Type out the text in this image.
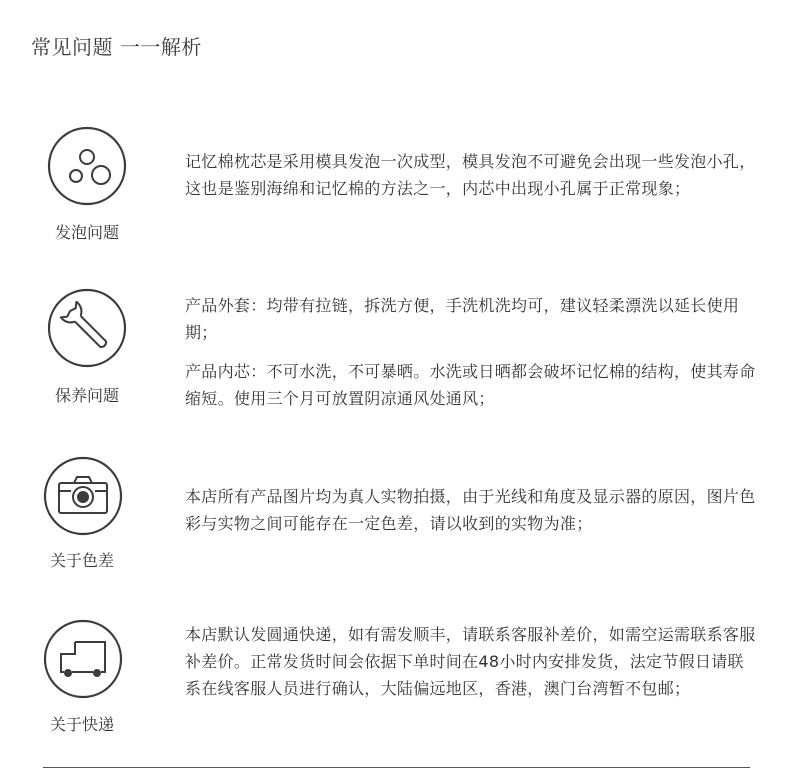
常见问题 一一解析
发泡问题

记忆棉枕芯是采用模具发泡一次成型，模具发泡不可避免会出现一些发泡小孔，这也是鉴别海绵和记忆棉的方法之一，内芯中出现小孔属于正常现象；

保养问题

产品外套：均带有拉链，拆洗方便，手洗机洗均可，建议轻柔漂洗以延长使用期；

产品内芯：不可水洗，不可暴晒。水洗或日晒都会破坏记忆棉的结构，使其寿命缩短。使用三个月可放置阴凉通风处通风；

关于色差

本店所有产品图片均为真人实物拍摄，由于光线和角度及显示器的原因，图片色彩与实物之间可能存在一定色差，请以收到的实物为准；

关于快递

本店默认发圆通快递，如有需发顺丰，请联系客服补差价，如需空运需联系客服补差价。正常发货时间会依据下单时间在48小时内安排发货，法定节假日请联系在线客服人员进行确认，大陆偏远地区，香港，澳门台湾暂不包邮；
